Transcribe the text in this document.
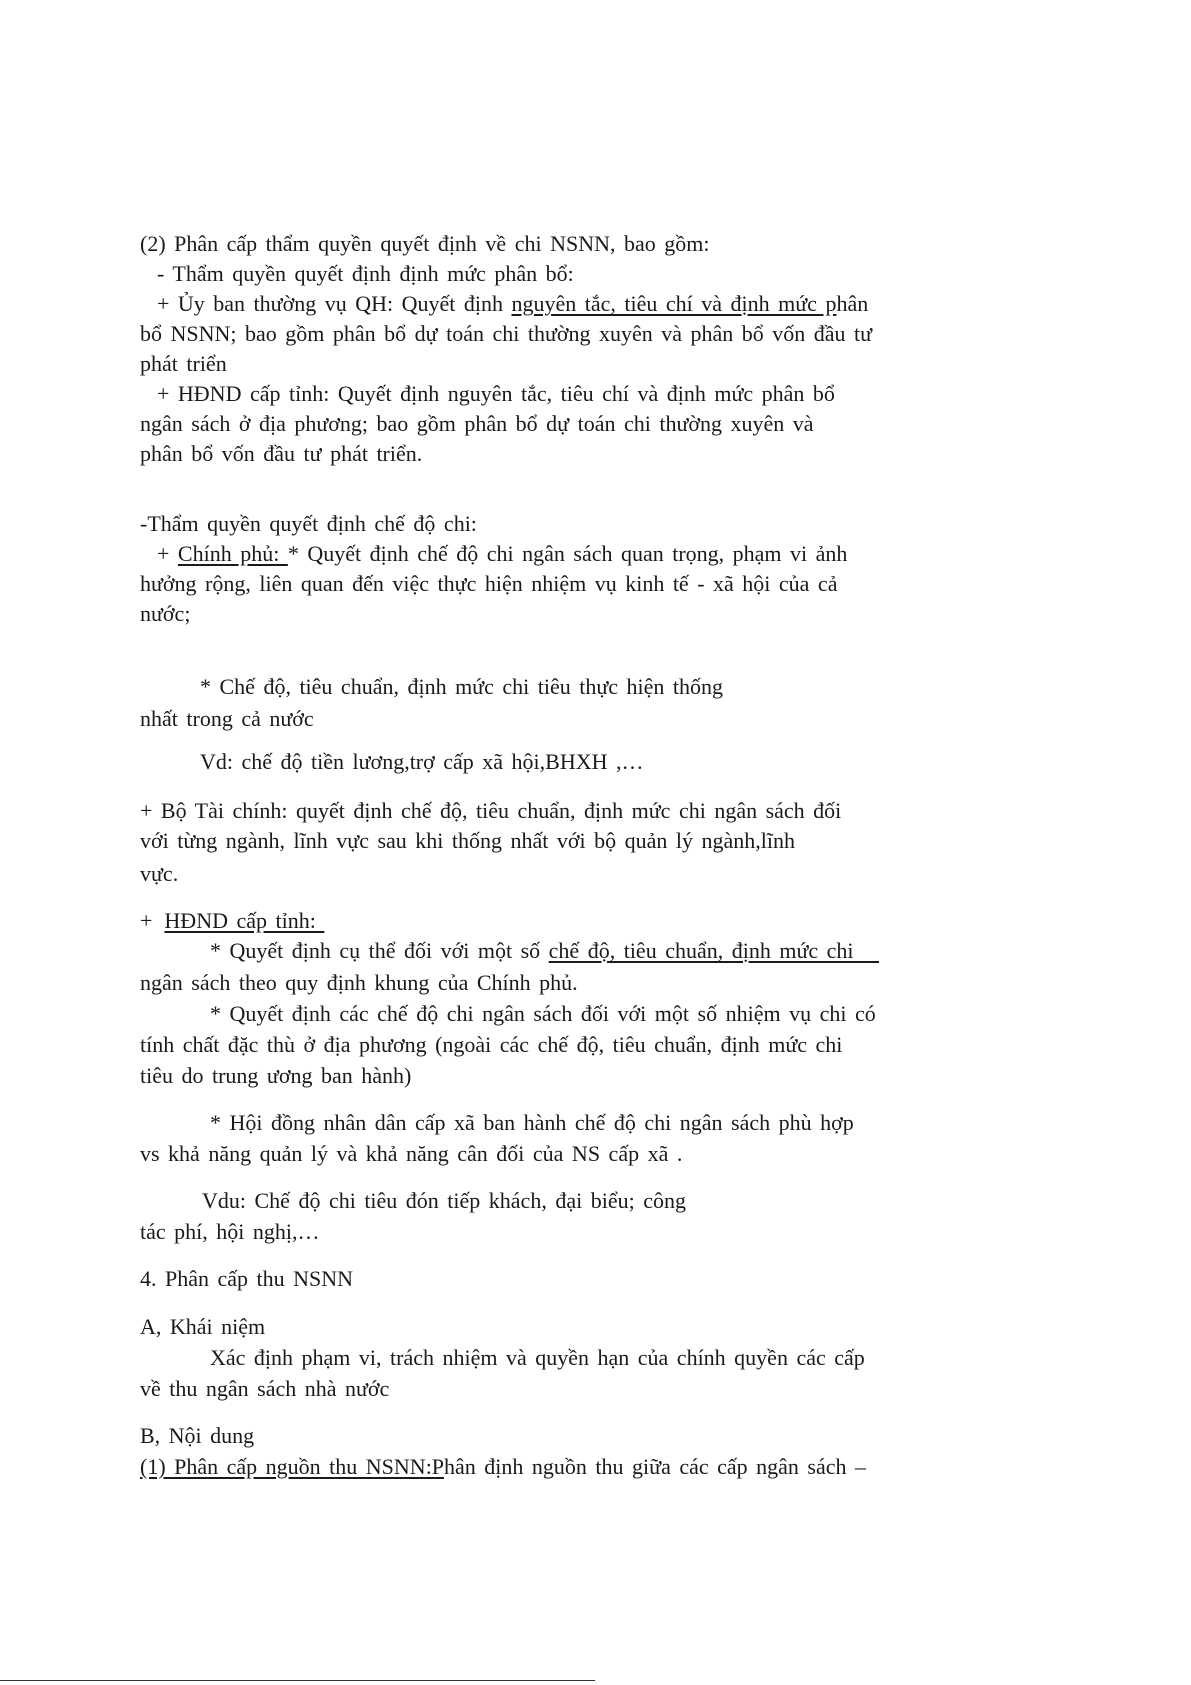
(2) Phân cấp thẩm quyền quyết định về chi NSNN, bao gồm:
- Thẩm quyền quyết định định mức phân bổ:
+ Ủy ban thường vụ QH: Quyết định nguyên tắc, tiêu chí và định mức phân
bổ NSNN; bao gồm phân bổ dự toán chi thường xuyên và phân bổ vốn đầu tư
phát triển
+ HĐND cấp tỉnh: Quyết định nguyên tắc, tiêu chí và định mức phân bổ
ngân sách ở địa phương; bao gồm phân bổ dự toán chi thường xuyên và
phân bổ vốn đầu tư phát triển.
-Thẩm quyền quyết định chế độ chi:
+ Chính phủ: * Quyết định chế độ chi ngân sách quan trọng, phạm vi ảnh
hưởng rộng, liên quan đến việc thực hiện nhiệm vụ kinh tế - xã hội của cả
nước;
* Chế độ, tiêu chuẩn, định mức chi tiêu thực hiện thống
nhất trong cả nước
Vd: chế độ tiền lương,trợ cấp xã hội,BHXH ,…
+ Bộ Tài chính: quyết định chế độ, tiêu chuẩn, định mức chi ngân sách đối
với từng ngành, lĩnh vực sau khi thống nhất với bộ quản lý ngành,lĩnh
vực.
+ HĐND cấp tỉnh:
* Quyết định cụ thể đối với một số chế độ, tiêu chuẩn, định mức chi
ngân sách theo quy định khung của Chính phủ.
* Quyết định các chế độ chi ngân sách đối với một số nhiệm vụ chi có
tính chất đặc thù ở địa phương (ngoài các chế độ, tiêu chuẩn, định mức chi
tiêu do trung ương ban hành)
* Hội đồng nhân dân cấp xã ban hành chế độ chi ngân sách phù hợp
vs khả năng quản lý và khả năng cân đối của NS cấp xã .
Vdu: Chế độ chi tiêu đón tiếp khách, đại biểu; công
tác phí, hội nghị,…
4. Phân cấp thu NSNN
A, Khái niệm
Xác định phạm vi, trách nhiệm và quyền hạn của chính quyền các cấp
về thu ngân sách nhà nước
B, Nội dung
(1) Phân cấp nguồn thu NSNN:Phân định nguồn thu giữa các cấp ngân sách –
